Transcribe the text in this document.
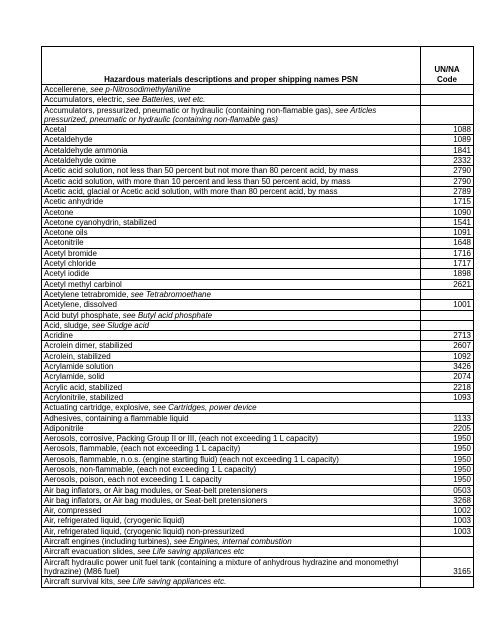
Hazardous materials descriptions and proper shipping names PSN	UN/NA
Code
Accellerene, see p-Nitrosodimethylaniline	
Accumulators, electric, see Batteries, wet etc.	
Accumulators, pressurized, pneumatic or hydraulic (containing non-flamable gas), see Articles pressurized, pneumatic or hydraulic (containing non-flamable gas)	
Acetal	1088
Acetaldehyde	1089
Acetaldehyde ammonia	1841
Acetaldehyde oxime	2332
Acetic acid solution, not less than 50 percent but not more than 80 percent acid, by mass	2790
Acetic acid solution, with more than 10 percent and less than 50 percent acid, by mass	2790
Acetic acid, glacial or Acetic acid solution, with more than 80 percent acid, by mass	2789
Acetic anhydride	1715
Acetone	1090
Acetone cyanohydrin, stabilized	1541
Acetone oils	1091
Acetonitrile	1648
Acetyl bromide	1716
Acetyl chloride	1717
Acetyl iodide	1898
Acetyl methyl carbinol	2621
Acetylene tetrabromide, see Tetrabromoethane	
Acetylene, dissolved	1001
Acid butyl phosphate, see Butyl acid phosphate	
Acid, sludge, see Sludge acid	
Acridine	2713
Acrolein dimer, stabilized	2607
Acrolein, stabilized	1092
Acrylamide solution	3426
Acrylamide, solid	2074
Acrylic acid, stabilized	2218
Acrylonitrile, stabilized	1093
Actuating cartridge, explosive, see Cartridges, power device	
Adhesives, containing a flammable liquid	1133
Adiponitrile	2205
Aerosols, corrosive, Packing Group II or III, (each not exceeding 1 L capacity)	1950
Aerosols, flammable, (each not exceeding 1 L capacity)	1950
Aerosols, flammable, n.o.s. (engine starting fluid) (each not exceeding 1 L capacity)	1950
Aerosols, non-flammable, (each not exceeding 1 L capacity)	1950
Aerosols, poison, each not exceeding 1 L capacity	1950
Air bag inflators, or Air bag modules, or Seat-belt pretensioners	0503
Air bag inflators, or Air bag modules, or Seat-belt pretensioners	3268
Air, compressed	1002
Air, refrigerated liquid, (cryogenic liquid)	1003
Air, refrigerated liquid, (cryogenic liquid) non-pressurized	1003
Aircraft engines (including turbines), see Engines, internal combustion	
Aircraft evacuation slides, see Life saving appliances etc	
Aircraft hydraulic power unit fuel tank (containing a mixture of anhydrous hydrazine and monomethyl hydrazine) (M86 fuel)	3165
Aircraft survival kits, see Life saving appliances etc.	
